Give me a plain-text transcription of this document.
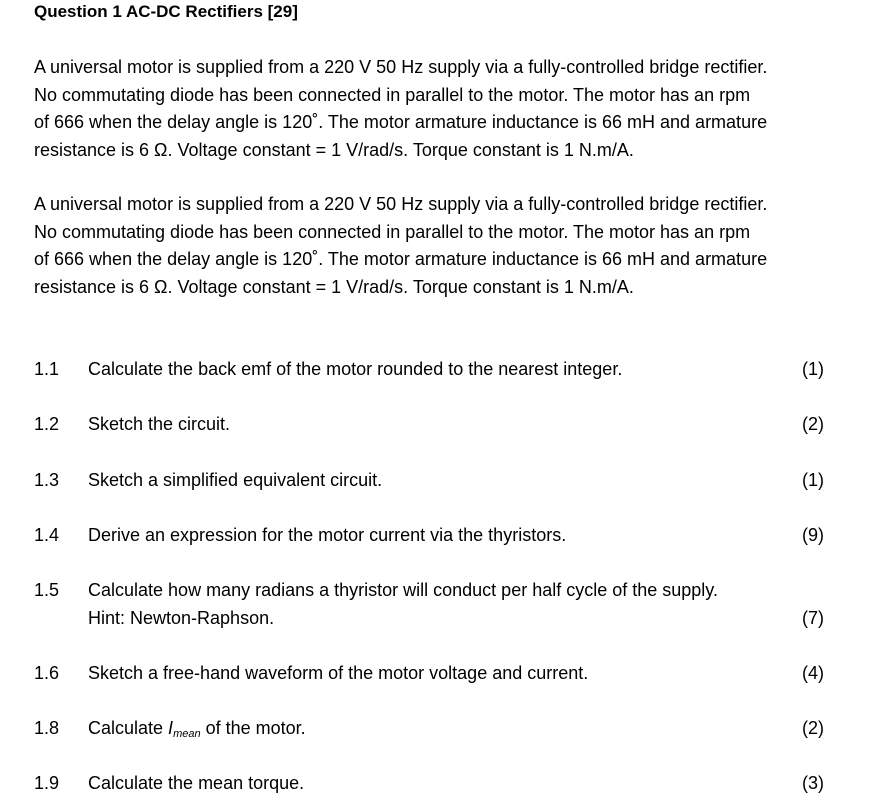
Question 1 AC-DC Rectifiers [29]

A universal motor is supplied from a 220 V 50 Hz supply via a fully-controlled bridge rectifier.

No commutating diode has been connected in parallel to the motor. The motor has an rpm

of 666 when the delay angle is 120˚. The motor armature inductance is 66 mH and armature

resistance is 6 Ω. Voltage constant = 1 V/rad/s. Torque constant is 1 N.m/A.

A universal motor is supplied from a 220 V 50 Hz supply via a fully-controlled bridge rectifier.

No commutating diode has been connected in parallel to the motor. The motor has an rpm

of 666 when the delay angle is 120˚. The motor armature inductance is 66 mH and armature

resistance is 6 Ω. Voltage constant = 1 V/rad/s. Torque constant is 1 N.m/A.

1.1 Calculate the back emf of the motor rounded to the nearest integer.	(1)
1.2 Sketch the circuit.	(2)
1.3 Sketch a simplified equivalent circuit.	(1)
1.4 Derive an expression for the motor current via the thyristors.	(9)
1.5 Calculate how many radians a thyristor will conduct per half cycle of the supply.
Hint: Newton-Raphson.	(7)
1.6 Sketch a free-hand waveform of the motor voltage and current.	(4)
1.8 Calculate $I_{mean}$ of the motor.	(2)
1.9 Calculate the mean torque.	(3)
